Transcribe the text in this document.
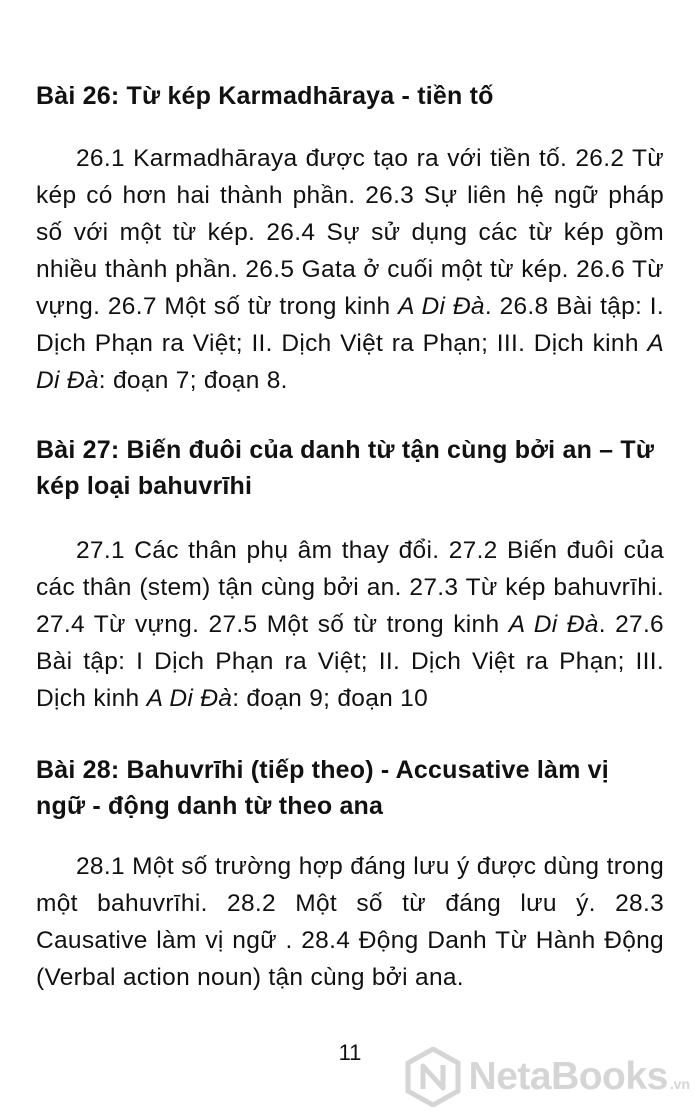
Bài 26: Từ kép Karmadhāraya - tiền tố

26.1 Karmadhāraya được tạo ra với tiền tố. 26.2 Từ kép có hơn hai thành phần. 26.3 Sự liên hệ ngữ pháp số với một từ kép. 26.4 Sự sử dụng các từ kép gồm nhiều thành phần. 26.5 Gata ở cuối một từ kép. 26.6 Từ vựng. 26.7 Một số từ trong kinh A Di Đà. 26.8 Bài tập: I. Dịch Phạn ra Việt; II. Dịch Việt ra Phạn; III. Dịch kinh A Di Đà: đoạn 7; đoạn 8.

Bài 27: Biến đuôi của danh từ tận cùng bởi an – Từ kép loại bahuvrīhi

27.1 Các thân phụ âm thay đổi. 27.2 Biến đuôi của các thân (stem) tận cùng bởi an. 27.3 Từ kép bahuvrīhi. 27.4 Từ vựng. 27.5 Một số từ trong kinh A Di Đà. 27.6 Bài tập: I Dịch Phạn ra Việt; II. Dịch Việt ra Phạn; III. Dịch kinh A Di Đà: đoạn 9; đoạn 10

Bài 28: Bahuvrīhi (tiếp theo) - Accusative làm vị ngữ - động danh từ theo ana

28.1 Một số trường hợp đáng lưu ý được dùng trong một bahuvrīhi. 28.2 Một số từ đáng lưu ý. 28.3 Causative làm vị ngữ . 28.4 Động Danh Từ Hành Động (Verbal action noun) tận cùng bởi ana.

11
NetaBooks .vn
